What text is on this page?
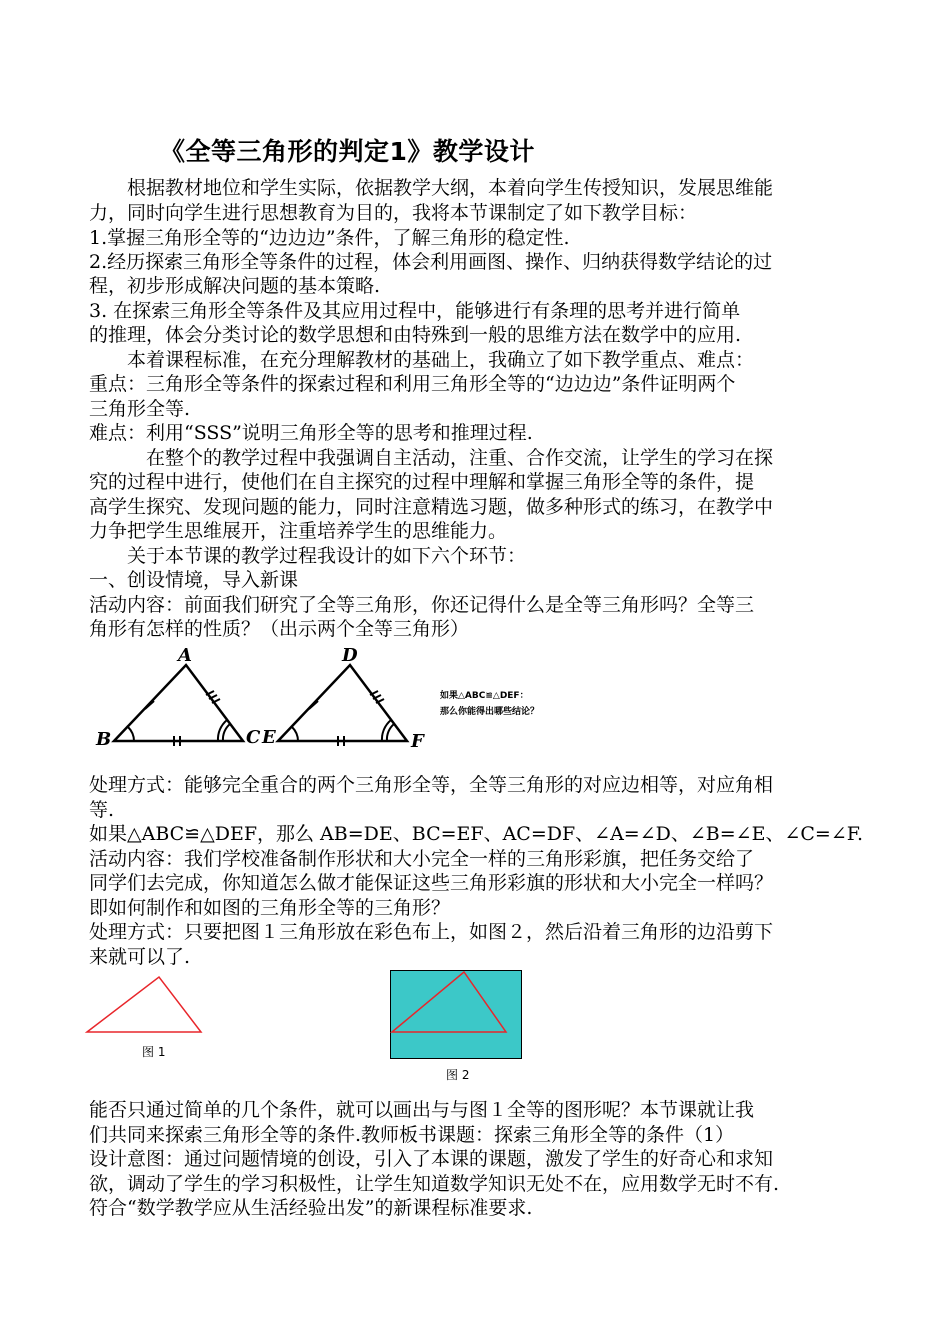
《全等三角形的判定1》教学设计
　　根据教材地位和学生实际，依据教学大纲，本着向学生传授知识，发展思维能
力，同时向学生进行思想教育为目的，我将本节课制定了如下教学目标：
1.掌握三角形全等的“边边边”条件，了解三角形的稳定性.
2.经历探索三角形全等条件的过程，体会利用画图、操作、归纳获得数学结论的过
程，初步形成解决问题的基本策略.
3. 在探索三角形全等条件及其应用过程中，能够进行有条理的思考并进行简单
的推理，体会分类讨论的数学思想和由特殊到一般的思维方法在数学中的应用.
　　本着课程标准，在充分理解教材的基础上，我确立了如下教学重点、难点：
重点：三角形全等条件的探索过程和利用三角形全等的“边边边”条件证明两个
三角形全等.
难点：利用“SSS”说明三角形全等的思考和推理过程.
　　　在整个的教学过程中我强调自主活动，注重、合作交流，让学生的学习在探
究的过程中进行，使他们在自主探究的过程中理解和掌握三角形全等的条件，提
高学生探究、发现问题的能力，同时注意精选习题，做多种形式的练习，在教学中
力争把学生思维展开，注重培养学生的思维能力。
　　关于本节课的教学过程我设计的如下六个环节：
一、创设情境，导入新课
活动内容：前面我们研究了全等三角形，你还记得什么是全等三角形吗？全等三
角形有怎样的性质？（出示两个全等三角形）
A
B	C
D
E	F
如果△ABC≌△DEF：
那么你能得出哪些结论？
处理方式：能够完全重合的两个三角形全等，全等三角形的对应边相等，对应角相
等.
如果△ABC≌△DEF，那么 AB=DE、BC=EF、AC=DF、∠A=∠D、∠B=∠E、∠C=∠F.
活动内容：我们学校准备制作形状和大小完全一样的三角形彩旗，把任务交给了
同学们去完成，你知道怎么做才能保证这些三角形彩旗的形状和大小完全一样吗？
即如何制作和如图的三角形全等的三角形？
处理方式：只要把图１三角形放在彩色布上，如图２，然后沿着三角形的边沿剪下
来就可以了.
图 1
图 2
能否只通过简单的几个条件，就可以画出与与图１全等的图形呢？本节课就让我
们共同来探索三角形全等的条件.教师板书课题：探索三角形全等的条件（1）
设计意图：通过问题情境的创设，引入了本课的课题，激发了学生的好奇心和求知
欲，调动了学生的学习积极性，让学生知道数学知识无处不在，应用数学无时不有.
符合“数学教学应从生活经验出发”的新课程标准要求.
